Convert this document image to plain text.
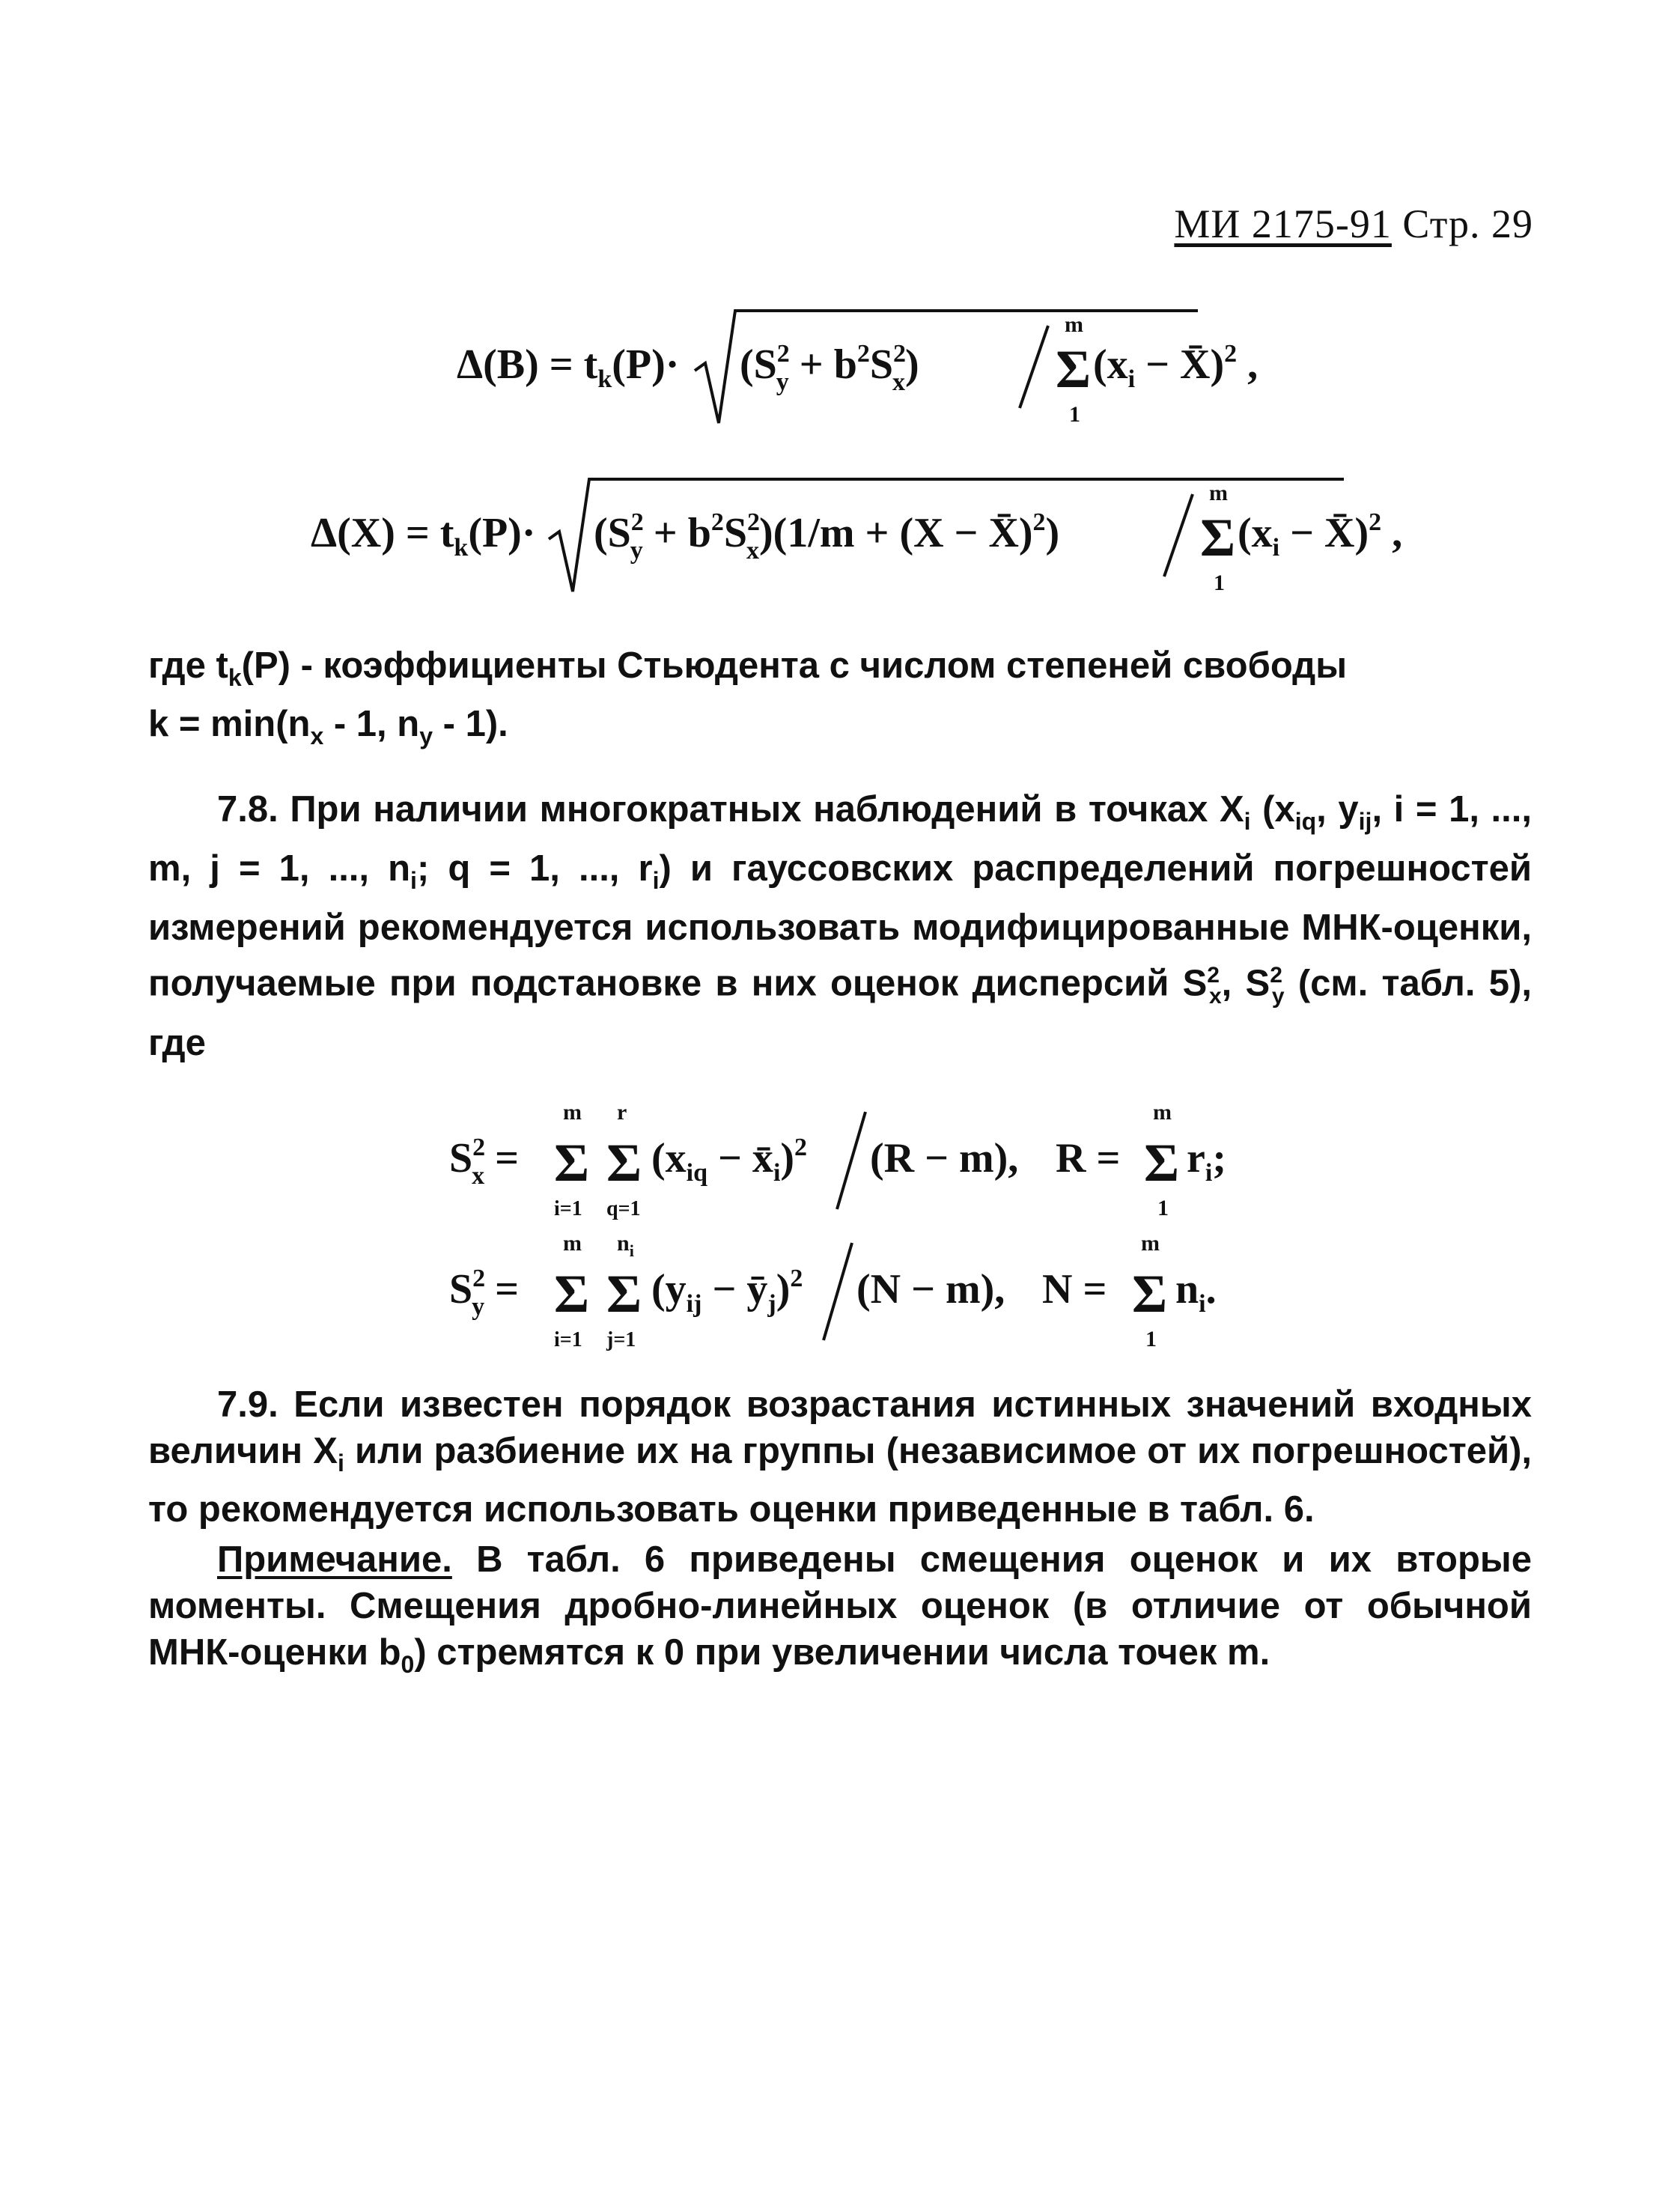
МИ 2175-91 Стр. 29
$\Delta(B) = t_k(P)\cdot (S^2$ $y + b^2S^2$ x)	Σ
m
1
($x_i$ − X̄)$^2$ ,
$\Delta(X) = t_k(P)\cdot (S^2$ $y + b^2S^2$ x)(1/m + (X − X̄)$^2$)	Σ
m
1
($x_i$ − X̄)$^2$ ,
где $t_k(P)$ - коэффициенты Стьюдента с числом степеней свободы
$k = \min(n_x - 1$, $n_y - 1$).
7.8. При наличии многократных наблюдений в точках $X_i$ ($x_{iq}$, $y_{ij}$, i = 1, ..., m, j = 1, ..., $n_i$; q = 1, ..., $r_i$) и гауссовских распределений погрешностей измерений рекомендуется использовать модифицированные МНК-оценки, получаемые при подстановке в них оценок дисперсий $S^2_x$, $S^2_y$ (см. табл. 5), где
$S^2$ x = Σ
m
i=1
Σ
r
q=1
($x_{iq}$ − $x̄_i)^2$ (R − m), R = Σ
m
1
$r_i$;
$S^2$ y = Σ
m
i=1
Σ
$n_i$
j=1
($y_{ij}$ − $ȳ_j)^2$ (N − m), N = Σ
m
1
$n_i$.
7.9. Если известен порядок возрастания истинных значений входных величин $X_i$ или разбиение их на группы (независимое от их погрешностей), то рекомендуется использовать оценки приведенные в табл. 6.
Примечание. В табл. 6 приведены смещения оценок и их вторые моменты. Смещения дробно-линейных оценок (в отличие от обычной МНК-оценки $b_0$) стремятся к 0 при увеличении числа точек m.
